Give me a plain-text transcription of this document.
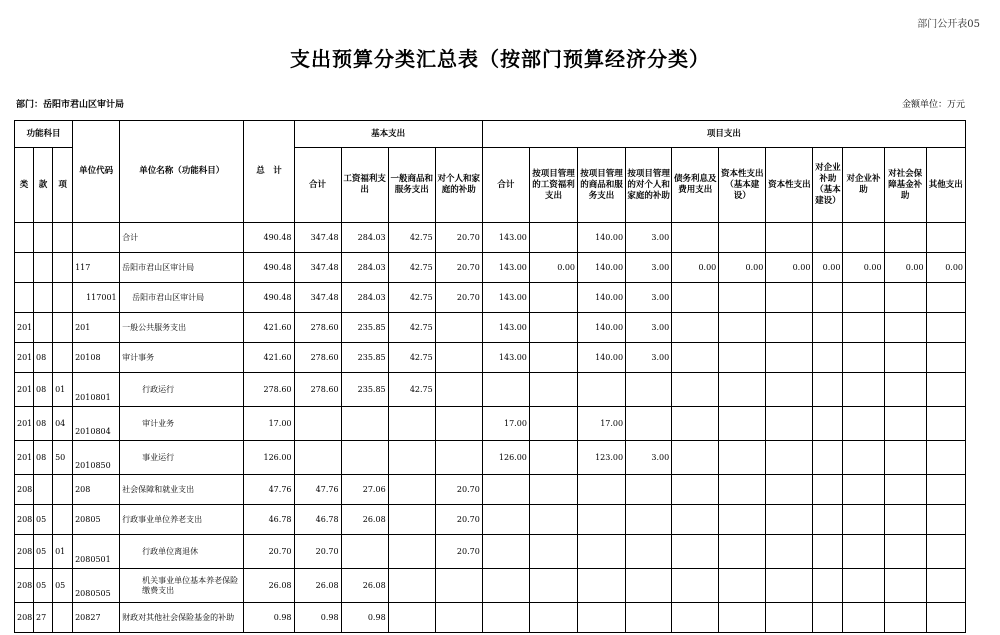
部门公开表05
支出预算分类汇总表（按部门预算经济分类）
部门：岳阳市君山区审计局	金额单位：万元
功能科目			单位代码	单位名称（功能科目）	总　计	基本支出				项目支出										
类	款	项				合计	工资福利支出	一般商品和服务支出	对个人和家庭的补助	合计	按项目管理的工资福利支出	按项目管理的商品和服务支出	按项目管理的对个人和家庭的补助	债务利息及费用支出	资本性支出（基本建设）	资本性支出	对企业补助（基本建设）	对企业补助	对社会保障基金补助	其他支出
				合计	490.48	347.48	284.03	42.75	20.70	143.00		140.00	3.00							
			117	岳阳市君山区审计局	490.48	347.48	284.03	42.75	20.70	143.00	0.00	140.00	3.00	0.00	0.00	0.00	0.00	0.00	0.00	0.00
			117001	岳阳市君山区审计局	490.48	347.48	284.03	42.75	20.70	143.00		140.00	3.00							
201			201	一般公共服务支出	421.60	278.60	235.85	42.75		143.00		140.00	3.00							
201	08		20108	审计事务	421.60	278.60	235.85	42.75		143.00		140.00	3.00							
201	08	01	2010801	行政运行	278.60	278.60	235.85	42.75												
201	08	04	2010804	审计业务	17.00					17.00		17.00								
201	08	50	2010850	事业运行	126.00					126.00		123.00	3.00							
208			208	社会保障和就业支出	47.76	47.76	27.06		20.70											
208	05		20805	行政事业单位养老支出	46.78	46.78	26.08		20.70											
208	05	01	2080501	行政单位离退休	20.70	20.70			20.70											
208	05	05	2080505	机关事业单位基本养老保险缴费支出	26.08	26.08	26.08													
208	27		20827	财政对其他社会保险基金的补助	0.98	0.98	0.98													
